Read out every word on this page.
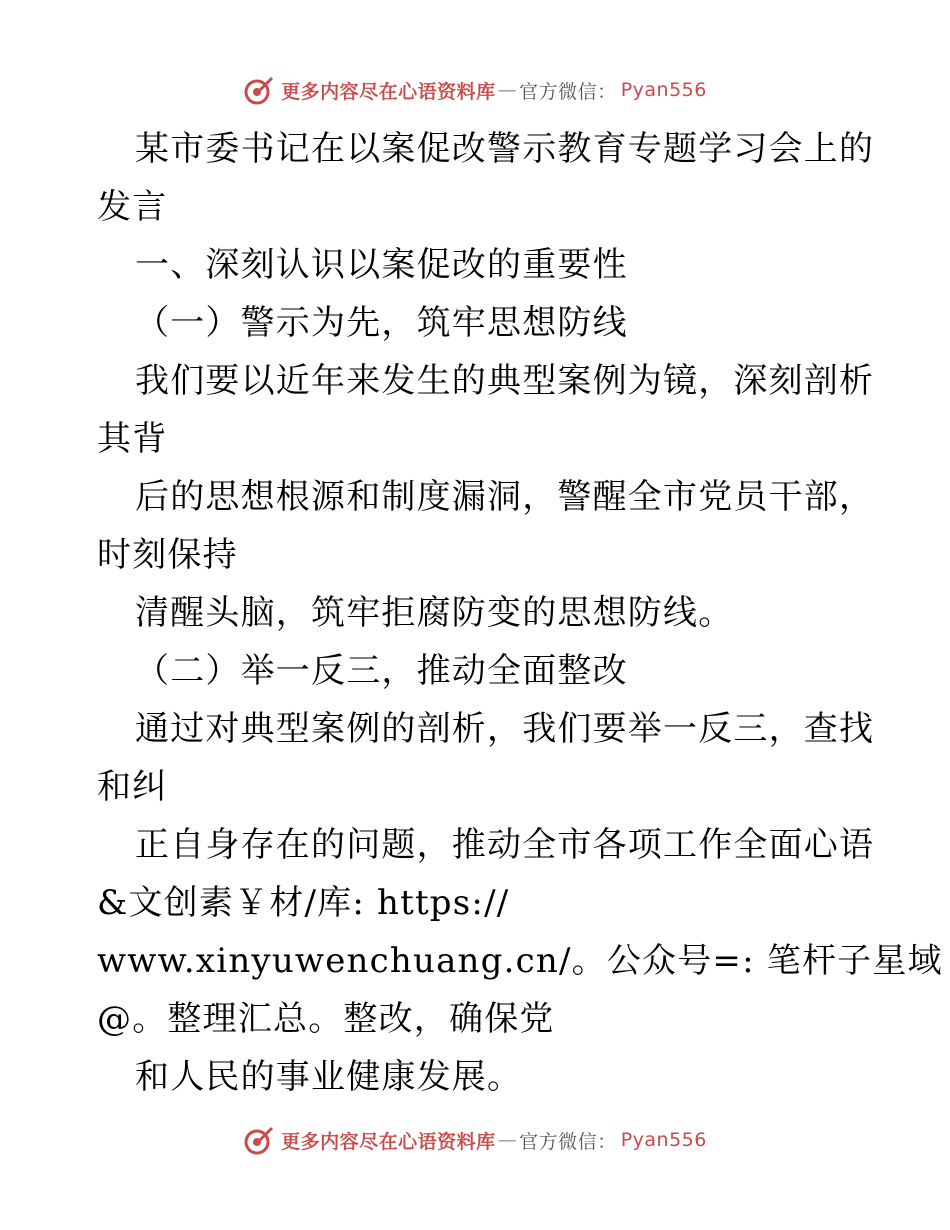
更多内容尽在心语资料库 — 官方微信 ： Pyan556
某市委书记在以案促改警示教育专题学习会上的
发言
一、深刻认识以案促改的重要性
（一）警示为先，筑牢思想防线
我们要以近年来发生的典型案例为镜，深刻剖析
其背
后的思想根源和制度漏洞，警醒全市党员干部，
时刻保持
清醒头脑，筑牢拒腐防变的思想防线。
（二）举一反三，推动全面整改
通过对典型案例的剖析，我们要举一反三，查找
和纠
正自身存在的问题，推动全市各项工作全面心语
&文创素￥材/库: https://
www.xinyuwenchuang.cn/。公众号=: 笔杆子星域
@。整理汇总。整改，确保党
和人民的事业健康发展。
更多内容尽在心语资料库 — 官方微信 ： Pyan556
